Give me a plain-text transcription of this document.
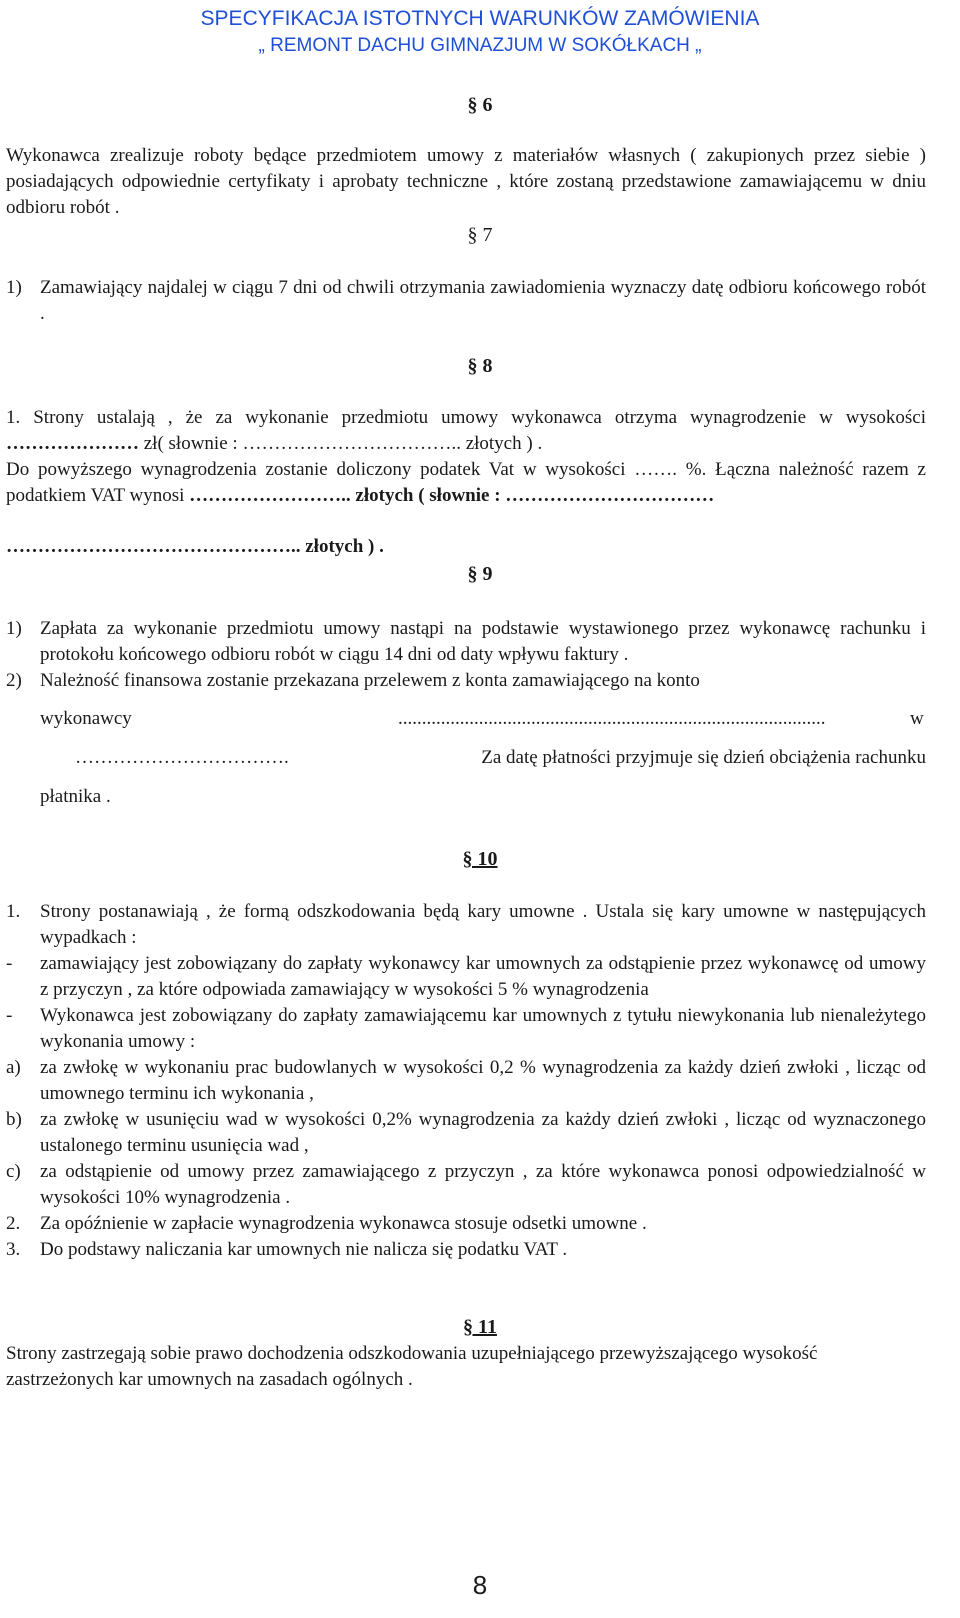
SPECYFIKACJA ISTOTNYCH WARUNKÓW ZAMÓWIENIA
„ REMONT DACHU GIMNAZJUM W SOKÓŁKACH „
§ 6
Wykonawca zrealizuje roboty będące przedmiotem umowy z materiałów własnych ( zakupionych przez siebie ) posiadających odpowiednie certyfikaty i aprobaty techniczne , które zostaną przedstawione zamawiającemu w dniu odbioru robót .
§ 7
1) Zamawiający najdalej w ciągu 7 dni od chwili otrzymania zawiadomienia wyznaczy datę odbioru końcowego robót .
§ 8
1. Strony ustalają , że za wykonanie przedmiotu umowy wykonawca otrzyma wynagrodzenie w wysokości ………………… zł( słownie : …………………………….. złotych ) .
Do powyższego wynagrodzenia zostanie doliczony podatek Vat w wysokości ……. %. Łączna należność razem z podatkiem VAT wynosi …………………….. złotych ( słownie : ……………………………
……………………………………….. złotych ) .
§ 9
1) Zapłata za wykonanie przedmiotu umowy nastąpi na podstawie wystawionego przez wykonawcę rachunku i protokołu końcowego odbioru robót w ciągu 14 dni od daty wpływu faktury .
2) Należność finansowa zostanie przekazana przelewem z konta zamawiającego na konto
wykonawcy	..........................................................................................	w
…………………………….	Za datę płatności przyjmuje się dzień obciążenia rachunku
płatnika .
§ 10
1. Strony postanawiają , że formą odszkodowania będą kary umowne . Ustala się kary umowne w następujących wypadkach :
- zamawiający jest zobowiązany do zapłaty wykonawcy kar umownych za odstąpienie przez wykonawcę od umowy z przyczyn , za które odpowiada zamawiający w wysokości 5 % wynagrodzenia
- Wykonawca jest zobowiązany do zapłaty zamawiającemu kar umownych z tytułu niewykonania lub nienależytego wykonania umowy :
a) za zwłokę w wykonaniu prac budowlanych w wysokości 0,2 % wynagrodzenia za każdy dzień zwłoki , licząc od umownego terminu ich wykonania ,
b) za zwłokę w usunięciu wad w wysokości 0,2% wynagrodzenia za każdy dzień zwłoki , licząc od wyznaczonego ustalonego terminu usunięcia wad ,
c) za odstąpienie od umowy przez zamawiającego z przyczyn , za które wykonawca ponosi odpowiedzialność w wysokości 10% wynagrodzenia .
2. Za opóźnienie w zapłacie wynagrodzenia wykonawca stosuje odsetki umowne .
3. Do podstawy naliczania kar umownych nie nalicza się podatku VAT .
§ 11
Strony zastrzegają sobie prawo dochodzenia odszkodowania uzupełniającego przewyższającego wysokość zastrzeżonych kar umownych na zasadach ogólnych .
8
